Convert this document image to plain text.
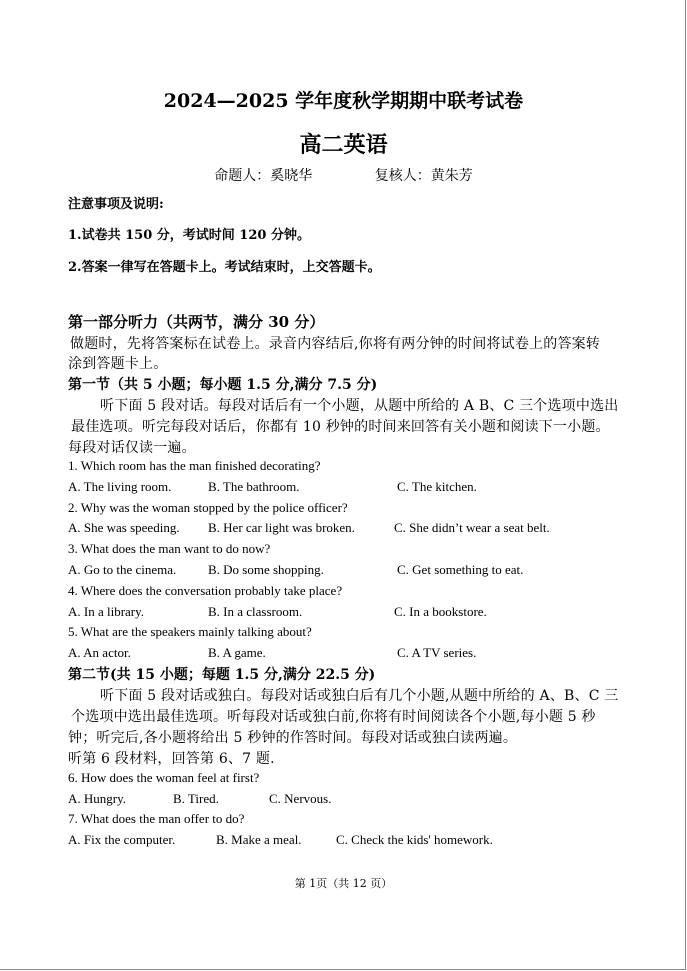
2024—2025 学年度秋学期期中联考试卷
高二英语
命题人：奚晓华	复核人：黄朱芳
注意事项及说明:
1.试卷共 150 分，考试时间 120 分钟。
2.答案一律写在答题卡上。考试结束时，上交答题卡。
第一部分听力（共两节，满分 30 分）
做题时，先将答案标在试卷上。录音内容结后,你将有两分钟的时间将试卷上的答案转
涂到答题卡上。
第一节（共 5 小题；每小题 1.5 分,满分 7.5 分)
听下面 5 段对话。每段对话后有一个小题，从题中所给的 A B、C 三个选项中选出
最佳选项。听完每段对话后，你都有 10 秒钟的时间来回答有关小题和阅读下一小题。
每段对话仅读一遍。
1. Which room has the man finished decorating?
A. The living room.	B. The bathroom.	C. The kitchen.
2. Why was the woman stopped by the police officer?
A. She was speeding. B. Her car light was broken.	C. She didn’t wear a seat belt.
3. What does the man want to do now?
A. Go to the cinema. B. Do some shopping.	C. Get something to eat.
4. Where does the conversation probably take place?
A. In a library.	B. In a classroom.	C. In a bookstore.
5. What are the speakers mainly talking about?
A. An actor.	B. A game.	C. A TV series.
第二节(共 15 小题；每题 1.5 分,满分 22.5 分)
听下面 5 段对话或独白。每段对话或独白后有几个小题,从题中所给的 A、B、C 三
个选项中选出最佳选项。听每段对话或独白前,你将有时间阅读各个小题,每小题 5 秒
钟；听完后,各小题将给出 5 秒钟的作答时间。每段对话或独白读两遍。
听第 6 段材料，回答第 6、7 题.
6. How does the woman feel at first?
A. Hungry.	B. Tired.	C. Nervous.
7. What does the man offer to do?
A. Fix the computer.	B. Make a meal.	C. Check the kids' homework.
第 1页（共 12 页）
